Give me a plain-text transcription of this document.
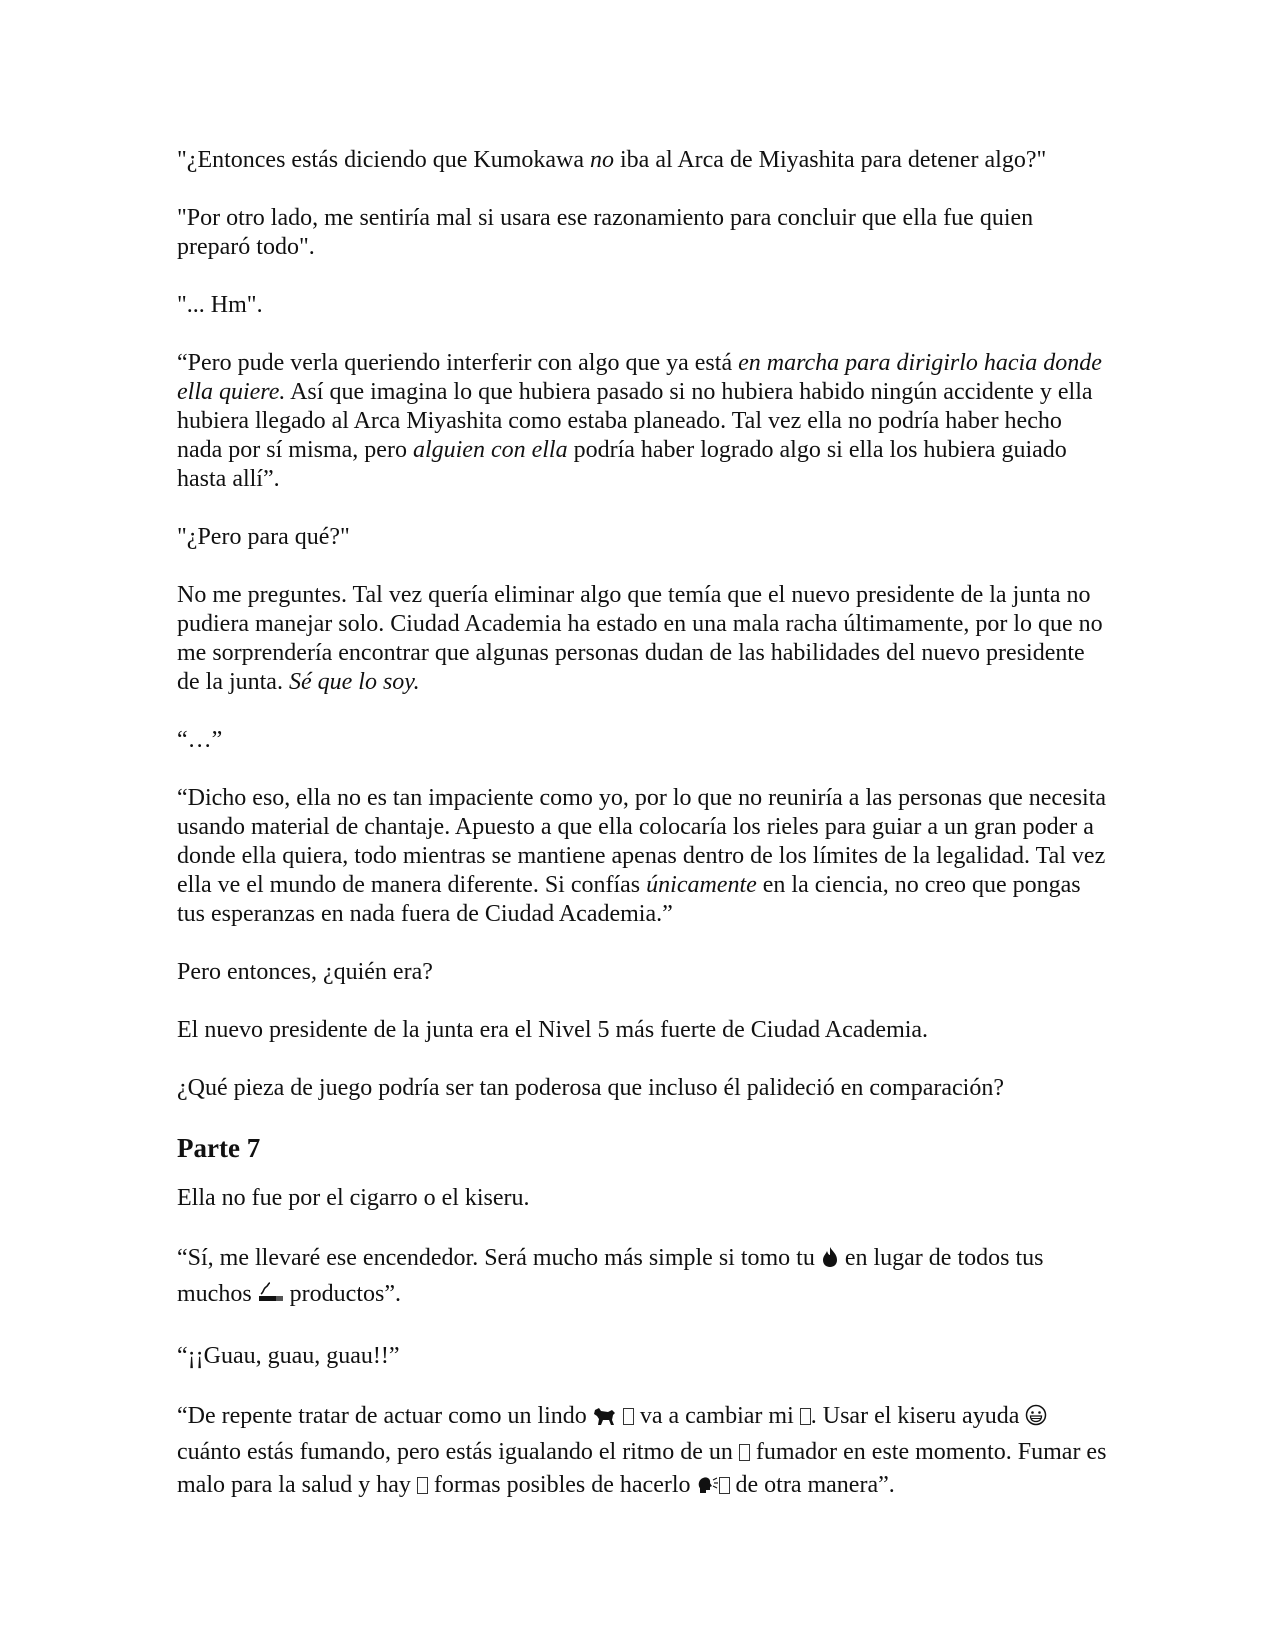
"¿Entonces estás diciendo que Kumokawa no iba al Arca de Miyashita para detener algo?"

"Por otro lado, me sentiría mal si usara ese razonamiento para concluir que ella fue quien preparó todo".

"... Hm".

“Pero pude verla queriendo interferir con algo que ya está en marcha para dirigirlo hacia donde ella quiere. Así que imagina lo que hubiera pasado si no hubiera habido ningún accidente y ella hubiera llegado al Arca Miyashita como estaba planeado. Tal vez ella no podría haber hecho nada por sí misma, pero alguien con ella podría haber logrado algo si ella los hubiera guiado hasta allí”.

"¿Pero para qué?"

No me preguntes. Tal vez quería eliminar algo que temía que el nuevo presidente de la junta no pudiera manejar solo. Ciudad Academia ha estado en una mala racha últimamente, por lo que no me sorprendería encontrar que algunas personas dudan de las habilidades del nuevo presidente de la junta. Sé que lo soy.

“…”

“Dicho eso, ella no es tan impaciente como yo, por lo que no reuniría a las personas que necesita usando material de chantaje. Apuesto a que ella colocaría los rieles para guiar a un gran poder a donde ella quiera, todo mientras se mantiene apenas dentro de los límites de la legalidad. Tal vez ella ve el mundo de manera diferente. Si confías únicamente en la ciencia, no creo que pongas tus esperanzas en nada fuera de Ciudad Academia.”

Pero entonces, ¿quién era?

El nuevo presidente de la junta era el Nivel 5 más fuerte de Ciudad Academia.

¿Qué pieza de juego podría ser tan poderosa que incluso él palideció en comparación?

Parte 7

Ella no fue por el cigarro o el kiseru.

“Sí, me llevaré ese encendedor. Será mucho más simple si tomo tu  en lugar de todos tus muchos  productos”.

“¡¡Guau, guau, guau!!”

“De repente tratar de actuar como un lindo   va a cambiar mi . Usar el kiseru ayuda  cuánto estás fumando, pero estás igualando el ritmo de un  fumador en este momento. Fumar es malo para la salud y hay  formas posibles de hacerlo  de otra manera”.
